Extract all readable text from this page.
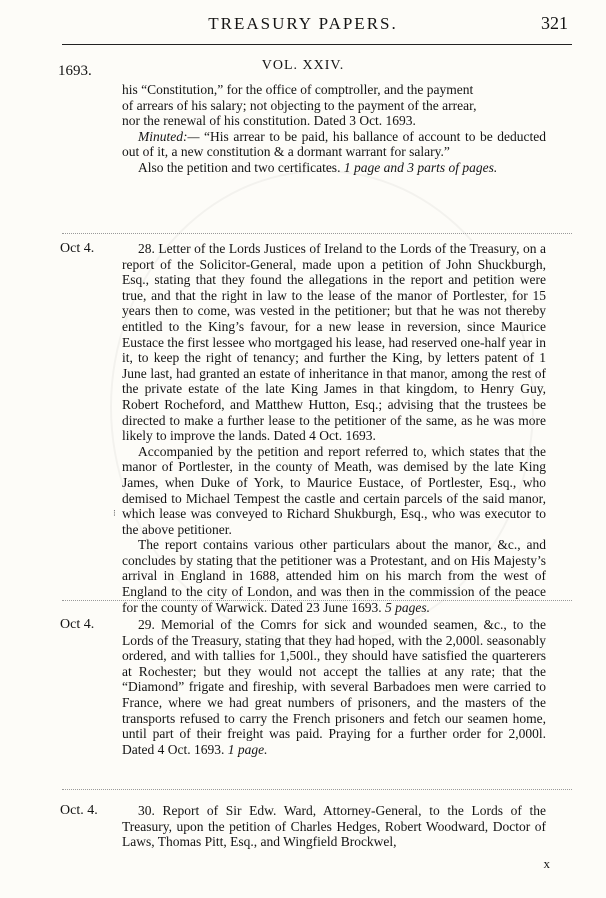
TREASURY PAPERS.	321
1693.	VOL. XXIV.
his “Constitution,” for the office of comptroller, and the payment
of arrears of his salary; not objecting to the payment of the arrear,
nor the renewal of his constitution. Dated 3 Oct. 1693.
Minuted:— “His arrear to be paid, his ballance of account to be deducted out of it, a new constitution & a dormant warrant for salary.”
Also the petition and two certificates. 1 page and 3 parts of pages.
Oct 4.	28. Letter of the Lords Justices of Ireland to the Lords of the Treasury, on a report of the Solicitor-General, made upon a petition of John Shuckburgh, Esq., stating that they found the allegations in the report and petition were true, and that the right in law to the lease of the manor of Portlester, for 15 years then to come, was vested in the petitioner; but that he was not thereby entitled to the King’s favour, for a new lease in reversion, since Maurice Eustace the first lessee who mortgaged his lease, had reserved one-half year in it, to keep the right of tenancy; and further the King, by letters patent of 1 June last, had granted an estate of inheritance in that manor, among the rest of the private estate of the late King James in that kingdom, to Henry Guy, Robert Rocheford, and Matthew Hutton, Esq.; advising that the trustees be directed to make a further lease to the petitioner of the same, as he was more likely to improve the lands. Dated 4 Oct. 1693.
Accompanied by the petition and report referred to, which states that the manor of Portlester, in the county of Meath, was demised by the late King James, when Duke of York, to Maurice Eustace, of Portlester, Esq., who demised to Michael Tempest the castle and certain parcels of the said manor, which lease was conveyed to Richard Shukburgh, Esq., who was executor to the above petitioner.
The report contains various other particulars about the manor, &c., and concludes by stating that the petitioner was a Protestant, and on His Majesty’s arrival in England in 1688, attended him on his march from the west of England to the city of London, and was then in the commission of the peace for the county of Warwick. Dated 23 June 1693. 5 pages.
⁝
Oct 4.	29. Memorial of the Comrs for sick and wounded seamen, &c., to the Lords of the Treasury, stating that they had hoped, with the 2,000l. seasonably ordered, and with tallies for 1,500l., they should have satisfied the quarterers at Rochester; but they would not accept the tallies at any rate; that the “Diamond” frigate and fireship, with several Barbadoes men were carried to France, where we had great numbers of prisoners, and the masters of the transports refused to carry the French prisoners and fetch our seamen home, until part of their freight was paid. Praying for a further order for 2,000l. Dated 4 Oct. 1693. 1 page.
Oct. 4.	30. Report of Sir Edw. Ward, Attorney-General, to the Lords of the Treasury, upon the petition of Charles Hedges, Robert Woodward, Doctor of Laws, Thomas Pitt, Esq., and Wingfield Brockwel,
x
